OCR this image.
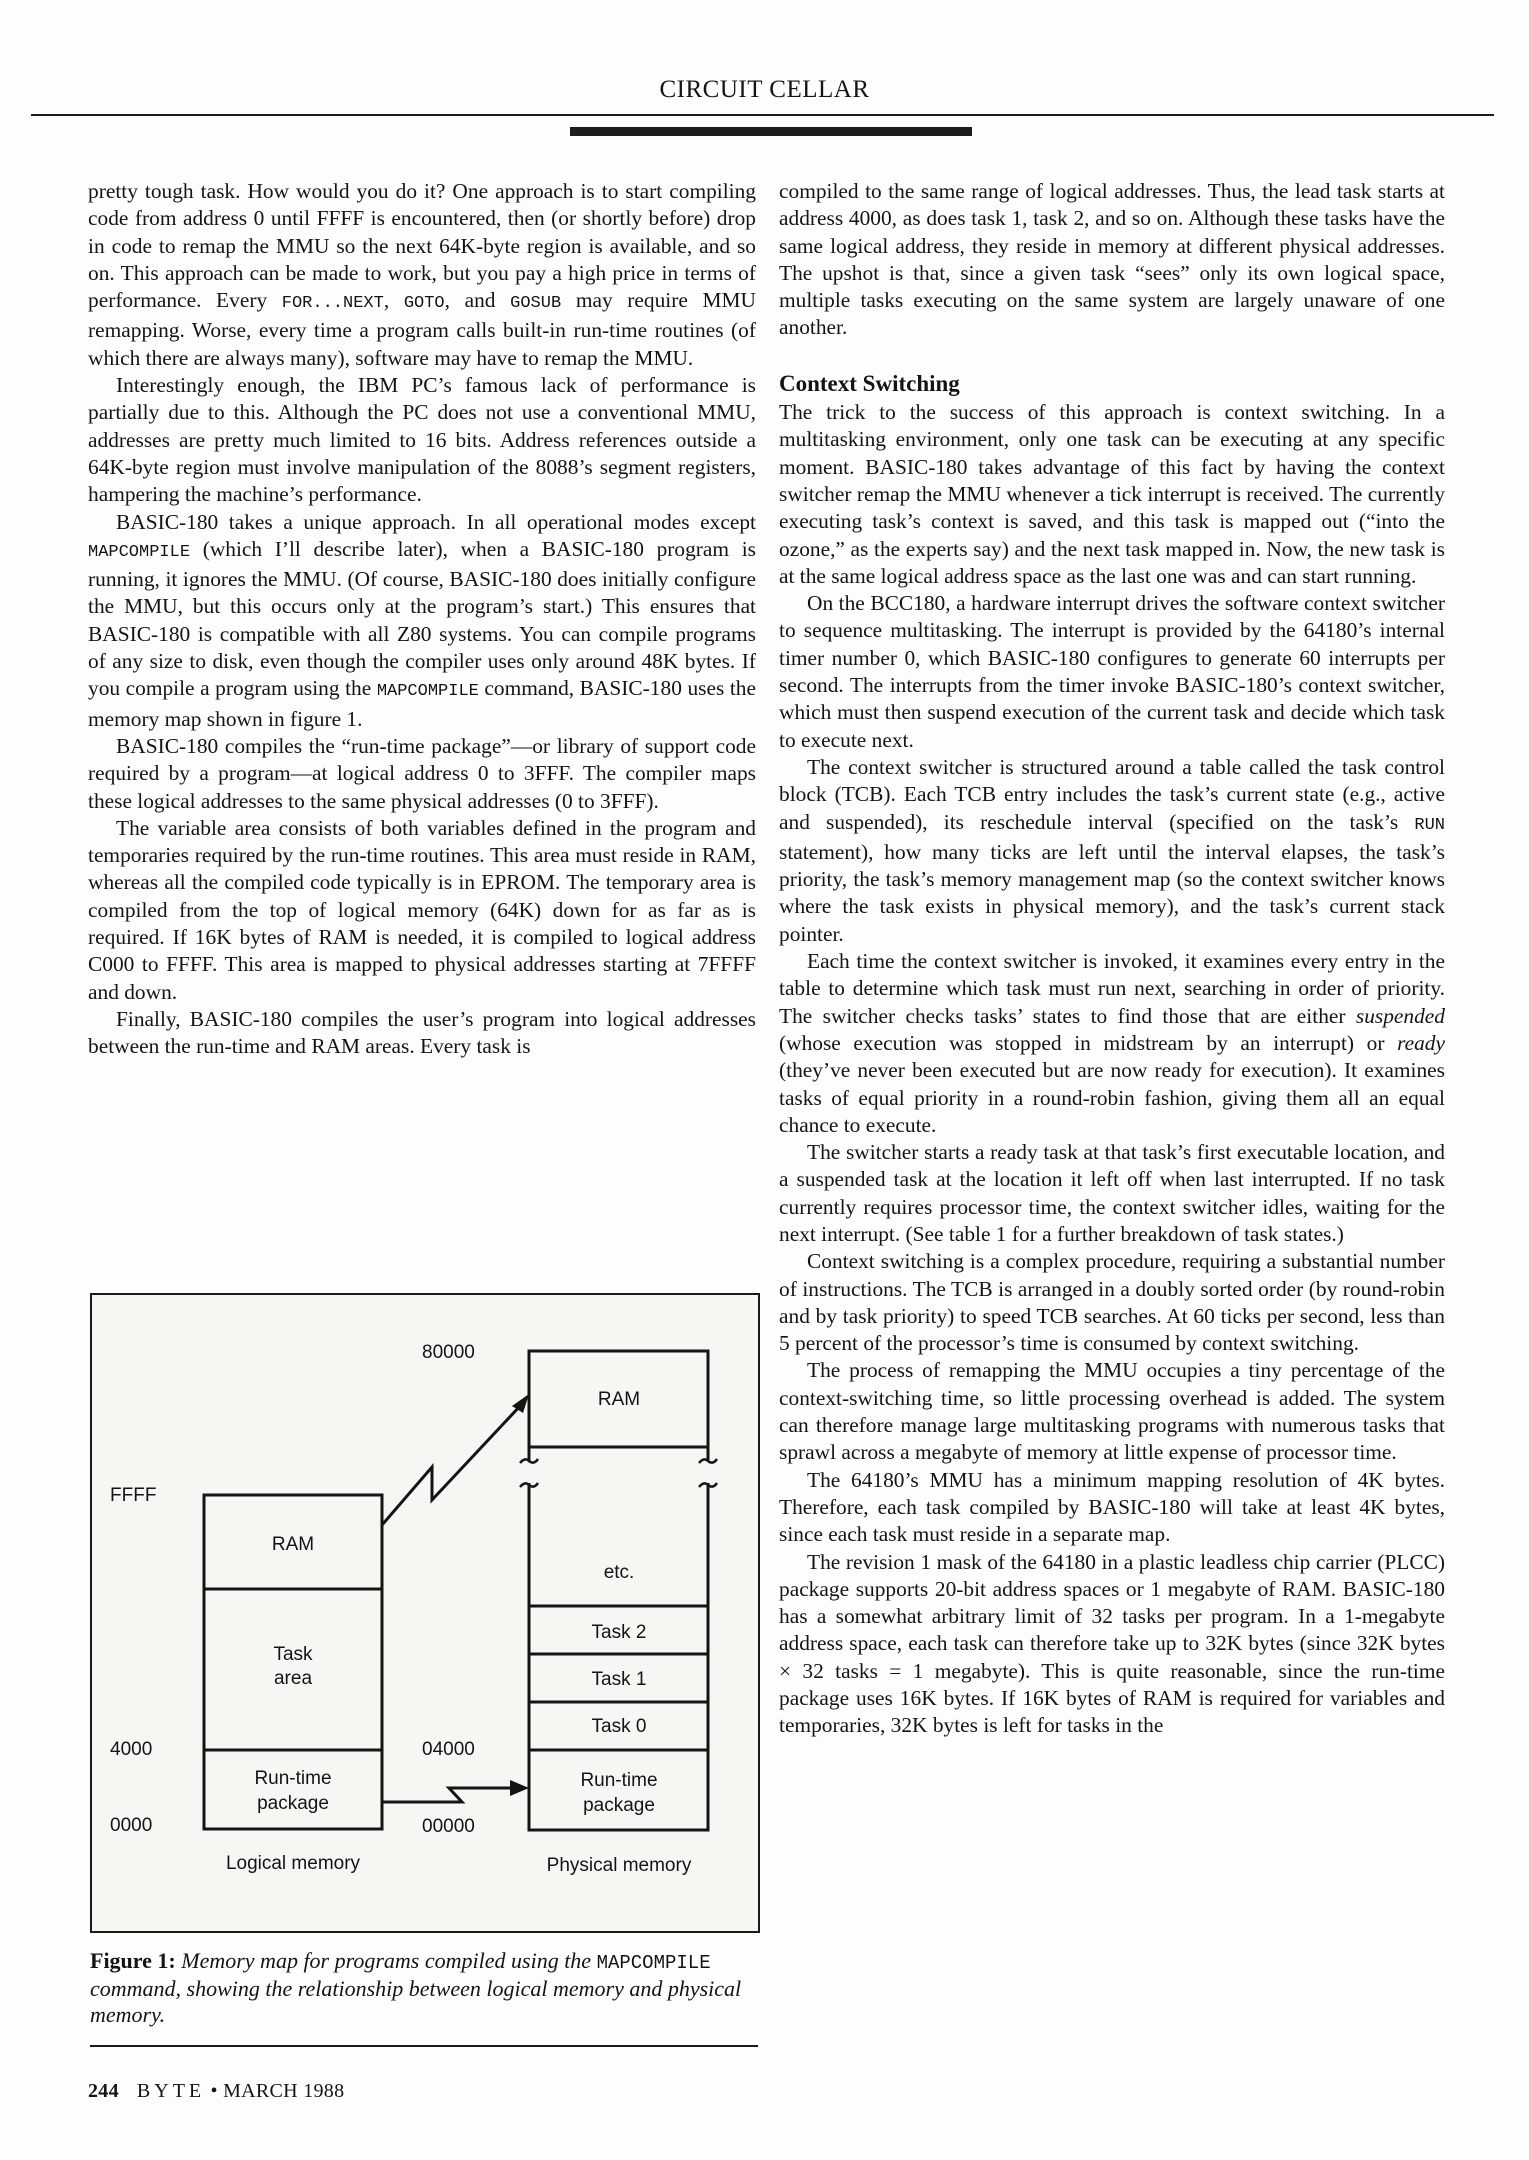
CIRCUIT CELLAR

pretty tough task. How would you do it? One approach is to start compiling code from address 0 until FFFF is encountered, then (or shortly before) drop in code to remap the MMU so the next 64K-byte region is available, and so on. This approach can be made to work, but you pay a high price in terms of performance. Every FOR...NEXT, GOTO, and GOSUB may require MMU remapping. Worse, every time a program calls built-in run-time routines (of which there are always many), software may have to remap the MMU.

Interestingly enough, the IBM PC’s famous lack of performance is partially due to this. Although the PC does not use a conventional MMU, addresses are pretty much limited to 16 bits. Address references outside a 64K-byte region must involve manipulation of the 8088’s segment registers, hampering the machine’s performance.

BASIC-180 takes a unique approach. In all operational modes except MAPCOMPILE (which I’ll describe later), when a BASIC-180 program is running, it ignores the MMU. (Of course, BASIC-180 does initially configure the MMU, but this occurs only at the program’s start.) This ensures that BASIC-180 is compatible with all Z80 systems. You can compile programs of any size to disk, even though the compiler uses only around 48K bytes. If you compile a program using the MAPCOMPILE command, BASIC-180 uses the memory map shown in figure 1.

BASIC-180 compiles the “run-time package”—or library of support code required by a program—at logical address 0 to 3FFF. The compiler maps these logical addresses to the same physical addresses (0 to 3FFF).

The variable area consists of both variables defined in the program and temporaries required by the run-time routines. This area must reside in RAM, whereas all the compiled code typically is in EPROM. The temporary area is compiled from the top of logical memory (64K) down for as far as is required. If 16K bytes of RAM is needed, it is compiled to logical address C000 to FFFF. This area is mapped to physical addresses starting at 7FFFF and down.

Finally, BASIC-180 compiles the user’s program into logical addresses between the run-time and RAM areas. Every task is

FFFF
4000
0000
RAM
Task
area
Run-time
package
Logical memory
80000
04000
00000
RAM
etc.
Task 2
Task 1
Task 0
Run-time
package
Physical memory
Figure 1: Memory map for programs compiled using the MAPCOMPILE command, showing the relationship between logical memory and physical memory.

compiled to the same range of logical addresses. Thus, the lead task starts at address 4000, as does task 1, task 2, and so on. Although these tasks have the same logical address, they reside in memory at different physical addresses. The upshot is that, since a given task “sees” only its own logical space, multiple tasks executing on the same system are largely unaware of one another.

Context Switching

The trick to the success of this approach is context switching. In a multitasking environment, only one task can be executing at any specific moment. BASIC-180 takes advantage of this fact by having the context switcher remap the MMU whenever a tick interrupt is received. The currently executing task’s context is saved, and this task is mapped out (“into the ozone,” as the experts say) and the next task mapped in. Now, the new task is at the same logical address space as the last one was and can start running.

On the BCC180, a hardware interrupt drives the software context switcher to sequence multitasking. The interrupt is provided by the 64180’s internal timer number 0, which BASIC-180 configures to generate 60 interrupts per second. The interrupts from the timer invoke BASIC-180’s context switcher, which must then suspend execution of the current task and decide which task to execute next.

The context switcher is structured around a table called the task control block (TCB). Each TCB entry includes the task’s current state (e.g., active and suspended), its reschedule interval (specified on the task’s RUN statement), how many ticks are left until the interval elapses, the task’s priority, the task’s memory management map (so the context switcher knows where the task exists in physical memory), and the task’s current stack pointer.

Each time the context switcher is invoked, it examines every entry in the table to determine which task must run next, searching in order of priority. The switcher checks tasks’ states to find those that are either suspended (whose execution was stopped in midstream by an interrupt) or ready (they’ve never been executed but are now ready for execution). It examines tasks of equal priority in a round-robin fashion, giving them all an equal chance to execute.

The switcher starts a ready task at that task’s first executable location, and a suspended task at the location it left off when last interrupted. If no task currently requires processor time, the context switcher idles, waiting for the next interrupt. (See table 1 for a further breakdown of task states.)

Context switching is a complex procedure, requiring a substantial number of instructions. The TCB is arranged in a doubly sorted order (by round-robin and by task priority) to speed TCB searches. At 60 ticks per second, less than 5 percent of the processor’s time is consumed by context switching.

The process of remapping the MMU occupies a tiny percentage of the context-switching time, so little processing overhead is added. The system can therefore manage large multitasking programs with numerous tasks that sprawl across a megabyte of memory at little expense of processor time.

The 64180’s MMU has a minimum mapping resolution of 4K bytes. Therefore, each task compiled by BASIC-180 will take at least 4K bytes, since each task must reside in a separate map.

The revision 1 mask of the 64180 in a plastic leadless chip carrier (PLCC) package supports 20-bit address spaces or 1 megabyte of RAM. BASIC-180 has a somewhat arbitrary limit of 32 tasks per program. In a 1-megabyte address space, each task can therefore take up to 32K bytes (since 32K bytes × 32 tasks = 1 megabyte). This is quite reasonable, since the run-time package uses 16K bytes. If 16K bytes of RAM is required for variables and temporaries, 32K bytes is left for tasks in the

244 BYTE • MARCH 1988
